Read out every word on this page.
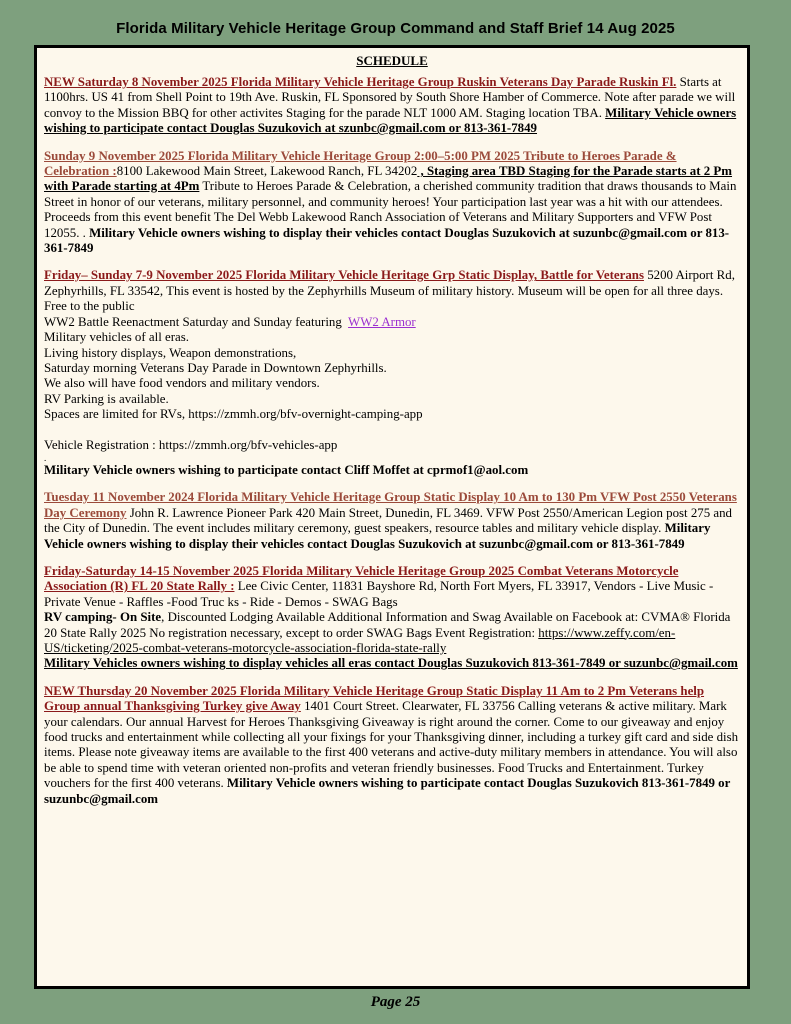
Florida Military Vehicle Heritage Group Command and Staff Brief 14 Aug 2025
SCHEDULE
NEW Saturday 8 November 2025 Florida Military Vehicle Heritage Group Ruskin Veterans Day Parade Ruskin Fl. Starts at 1100hrs. US 41 from Shell Point to 19th Ave. Ruskin, FL Sponsored by South Shore Hamber of Commerce. Note after parade we will convoy to the Mission BBQ for other activites Staging for the parade NLT 1000 AM. Staging location TBA. Military Vehicle owners wishing to participate contact Douglas Suzukovich at szunbc@gmail.com or 813-361-7849
Sunday 9 November 2025 Florida Military Vehicle Heritage Group 2:00–5:00 PM 2025 Tribute to Heroes Parade & Celebration :8100 Lakewood Main Street, Lakewood Ranch, FL 34202 , Staging area TBD Staging for the Parade starts at 2 Pm with Parade starting at 4Pm Tribute to Heroes Parade & Celebration, a cherished community tradition that draws thousands to Main Street in honor of our veterans, military personnel, and community heroes! Your participation last year was a hit with our attendees. Proceeds from this event benefit The Del Webb Lakewood Ranch Association of Veterans and Military Supporters and VFW Post 12055. . Military Vehicle owners wishing to display their vehicles contact Douglas Suzukovich at suzunbc@gmail.com or 813-361-7849
Friday– Sunday 7-9 November 2025 Florida Military Vehicle Heritage Grp Static Display, Battle for Veterans 5200 Airport Rd, Zephyrhills, FL 33542, This event is hosted by the Zephyrhills Museum of military history. Museum will be open for all three days.
Free to the public
WW2 Battle Reenactment Saturday and Sunday featuring WW2 Armor
Military vehicles of all eras.
Living history displays, Weapon demonstrations,
Saturday morning Veterans Day Parade in Downtown Zephyrhills.
We also will have food vendors and military vendors.
RV Parking is available.
Spaces are limited for RVs, https://zmmh.org/bfv-overnight-camping-app
Vehicle Registration : https://zmmh.org/bfv-vehicles-app
.
Military Vehicle owners wishing to participate contact Cliff Moffet at cprmof1@aol.com
Tuesday 11 November 2024 Florida Military Vehicle Heritage Group Static Display 10 Am to 130 Pm VFW Post 2550 Veterans Day Ceremony John R. Lawrence Pioneer Park 420 Main Street, Dunedin, FL 3469. VFW Post 2550/American Legion post 275 and the City of Dunedin. The event includes military ceremony, guest speakers, resource tables and military vehicle display. Military Vehicle owners wishing to display their vehicles contact Douglas Suzukovich at suzunbc@gmail.com or 813-361-7849
Friday-Saturday 14-15 November 2025 Florida Military Vehicle Heritage Group 2025 Combat Veterans Motorcycle Association (R) FL 20 State Rally : Lee Civic Center, 11831 Bayshore Rd, North Fort Myers, FL 33917, Vendors - Live Music - Private Venue - Raffles -Food Truc ks - Ride - Demos - SWAG Bags
RV camping- On Site, Discounted Lodging Available Additional Information and Swag Available on Facebook at: CVMA® Florida 20 State Rally 2025 No registration necessary, except to order SWAG Bags Event Registration: https://www.zeffy.com/en-US/ticketing/2025-combat-veterans-motorcycle-association-florida-state-rally
Military Vehicles owners wishing to display vehicles all eras contact Douglas Suzukovich 813-361-7849 or suzunbc@gmail.com
NEW Thursday 20 November 2025 Florida Military Vehicle Heritage Group Static Display 11 Am to 2 Pm Veterans help Group annual Thanksgiving Turkey give Away 1401 Court Street. Clearwater, FL 33756 Calling veterans & active military. Mark your calendars. Our annual Harvest for Heroes Thanksgiving Giveaway is right around the corner. Come to our giveaway and enjoy food trucks and entertainment while collecting all your fixings for your Thanksgiving dinner, including a turkey gift card and side dish items. Please note giveaway items are available to the first 400 veterans and active-duty military members in attendance. You will also be able to spend time with veteran oriented non-profits and veteran friendly businesses. Food Trucks and Entertainment. Turkey vouchers for the first 400 veterans. Military Vehicle owners wishing to participate contact Douglas Suzukovich 813-361-7849 or suzunbc@gmail.com
Page 25
